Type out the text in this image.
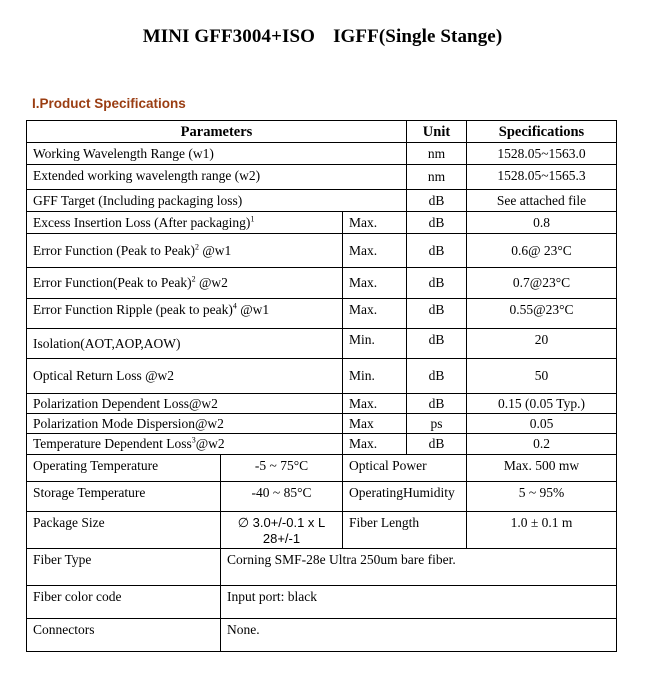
MINI GFF3004+ISO IGFF(Single Stange)
I.Product Specifications
Parameters			Unit	Specifications
Working Wavelength Range (w1)			nm	1528.05~1563.0
Extended working wavelength range (w2)			nm	1528.05~1565.3
GFF Target (Including packaging loss)			dB	See attached file
Excess Insertion Loss (After packaging)$^1$		Max.	dB	0.8
Error Function (Peak to Peak)$^2$ @w1		Max.	dB	0.6@ 23°C
Error Function(Peak to Peak)$^2$ @w2		Max.	dB	0.7@23°C
Error Function Ripple (peak to peak)$^4$ @w1		Max.	dB	0.55@23°C
Isolation(AOT,AOP,AOW)		Min.	dB	20
Optical Return Loss @w2		Min.	dB	50
Polarization Dependent Loss@w2		Max.	dB	0.15 (0.05 Typ.)
Polarization Mode Dispersion@w2		Max	ps	0.05
Temperature Dependent Loss$^3$@w2		Max.	dB	0.2
Operating Temperature	-5 ~ 75°C	Optical Power		Max. 500 mw
Storage Temperature	-40 ~ 85°C	OperatingHumidity		5 ~ 95%
Package Size	∅ 3.0+/-0.1 x L 28+/-1	Fiber Length		1.0 ± 0.1 m
Fiber Type	Corning SMF-28e Ultra 250um bare fiber.			
Fiber color code	Input port: black			
Connectors	None.			
